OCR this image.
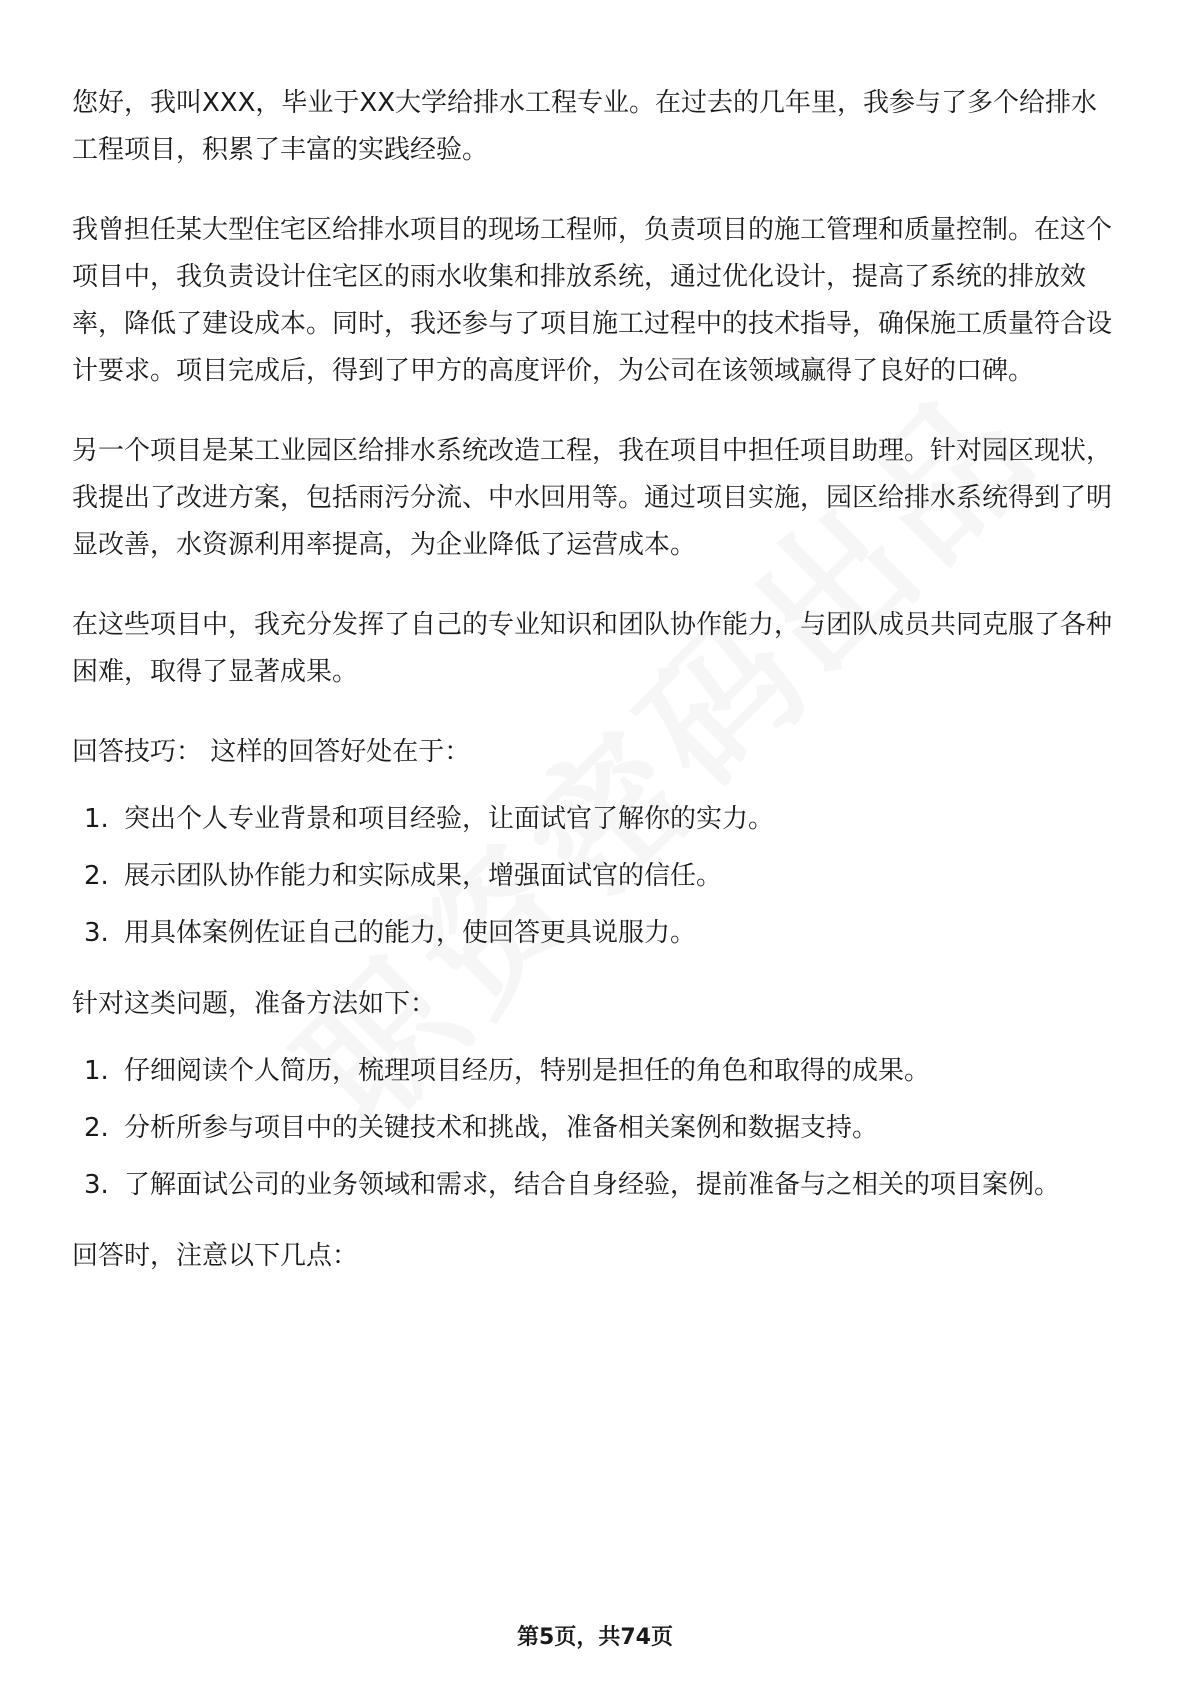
您好，我叫XXX，毕业于XX大学给排水工程专业。在过去的几年里，我参与了多个给排水工程项目，积累了丰富的实践经验。

我曾担任某大型住宅区给排水项目的现场工程师，负责项目的施工管理和质量控制。在这个项目中，我负责设计住宅区的雨水收集和排放系统，通过优化设计，提高了系统的排放效率，降低了建设成本。同时，我还参与了项目施工过程中的技术指导，确保施工质量符合设计要求。项目完成后，得到了甲方的高度评价，为公司在该领域赢得了良好的口碑。

另一个项目是某工业园区给排水系统改造工程，我在项目中担任项目助理。针对园区现状，我提出了改进方案，包括雨污分流、中水回用等。通过项目实施，园区给排水系统得到了明显改善，水资源利用率提高，为企业降低了运营成本。

在这些项目中，我充分发挥了自己的专业知识和团队协作能力，与团队成员共同克服了各种困难，取得了显著成果。

回答技巧： 这样的回答好处在于：

1. 突出个人专业背景和项目经验，让面试官了解你的实力。
2. 展示团队协作能力和实际成果，增强面试官的信任。
3. 用具体案例佐证自己的能力，使回答更具说服力。

针对这类问题，准备方法如下：

1. 仔细阅读个人简历，梳理项目经历，特别是担任的角色和取得的成果。
2. 分析所参与项目中的关键技术和挑战，准备相关案例和数据支持。
3. 了解面试公司的业务领域和需求，结合自身经验，提前准备与之相关的项目案例。

回答时，注意以下几点：

第5页，共74页
